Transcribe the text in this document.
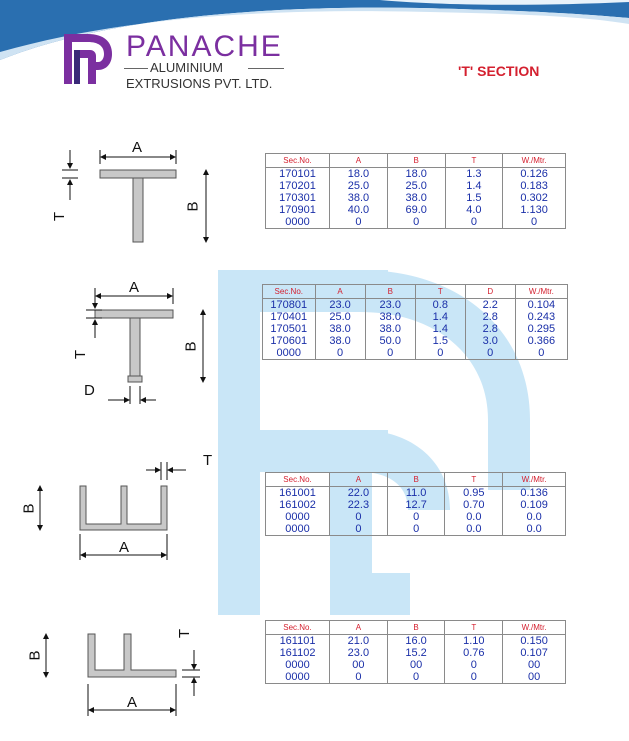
PANACHE
ALUMINIUM
EXTRUSIONS PVT. LTD.
'T' SECTION
A
B
T
Sec.No.	A	B	T	W./Mtr.
170101	18.0	18.0	1.3	0.126
170201	25.0	25.0	1.4	0.183
170301	38.0	38.0	1.5	0.302
170901	40.0	69.0	4.0	1.130
0000	0	0	0	0
A
B
T
D
Sec.No.	A	B	T	D	W./Mtr.
170801	23.0	23.0	0.8	2.2	0.104
170401	25.0	38.0	1.4	2.8	0.243
170501	38.0	38.0	1.4	2.8	0.295
170601	38.0	50.0	1.5	3.0	0.366
0000	0	0	0	0	0
T
B
A
Sec.No.	A	B	T	W./Mtr.
161001	22.0	11.0	0.95	0.136
161002	22.3	12.7	0.70	0.109
0000	0	0	0.0	0.0
0000	0	0	0.0	0.0
T
B
A
Sec.No.	A	B	T	W./Mtr.
161101	21.0	16.0	1.10	0.150
161102	23.0	15.2	0.76	0.107
0000	00	00	0	00
0000	0	0	0	00
